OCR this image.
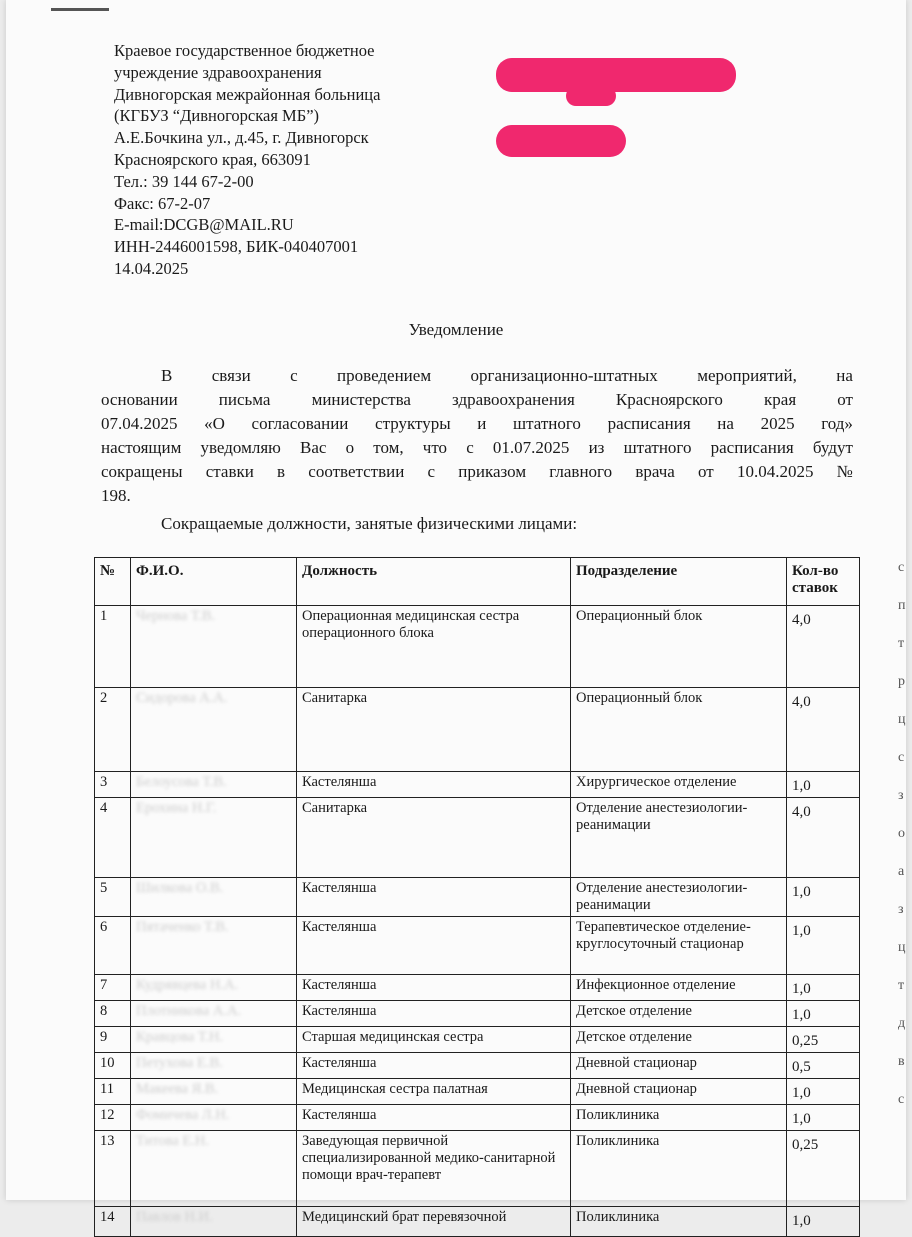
Краевое государственное бюджетное
учреждение здравоохранения
Дивногорская межрайонная больница
(КГБУЗ “Дивногорская МБ”)
А.Е.Бочкина ул., д.45, г. Дивногорск
Красноярского края, 663091
Тел.: 39 144 67-2-00
Факс: 67-2-07
E-mail:DCGB@MAIL.RU
ИНН-2446001598, БИК-040407001
14.04.2025
Уведомление
В связи с проведением организационно-штатных мероприятий, на
основании письма министерства здравоохранения Красноярского края от
07.04.2025 «О согласовании структуры и штатного расписания на 2025 год»
настоящим уведомляю Вас о том, что с 01.07.2025 из штатного расписания будут
сокращены ставки в соответствии с приказом главного врача от 10.04.2025 №
198.
Сокращаемые должности, занятые физическими лицами:
№	Ф.И.О.	Должность	Подразделение	Кол-во ставок
1	Чернова Т.В.	Операционная медицинская сестра операционного блока	Операционный блок	4,0
2	Сидорова А.А.	Санитарка	Операционный блок	4,0
3	Белоусова Т.В.	Кастелянша	Хирургическое отделение	1,0
4	Ерохина Н.Г.	Санитарка	Отделение анестезиологии-реанимации	4,0
5	Шилкова О.В.	Кастелянша	Отделение анестезиологии-реанимации	1,0
6	Пятаченко Т.В.	Кастелянша	Терапевтическое отделение-круглосуточный стационар	1,0
7	Кудрявцева Н.А.	Кастелянша	Инфекционное отделение	1,0
8	Плотникова А.А.	Кастелянша	Детское отделение	1,0
9	Кравцова Т.Н.	Старшая медицинская сестра	Детское отделение	0,25
10	Петухова Е.В.	Кастелянша	Дневной стационар	0,5
11	Макеева Я.В.	Медицинская сестра палатная	Дневной стационар	1,0
12	Фомичева Л.Н.	Кастелянша	Поликлиника	1,0
13	Титова Е.Н.	Заведующая первичной специализированной медико-санитарной помощи врач-терапевт	Поликлиника	0,25
14	Павлов Н.И.	Медицинский брат перевязочной	Поликлиника	1,0
с
п
т
р
ц
с
з
о
а
з
ц
т
д
в
с
